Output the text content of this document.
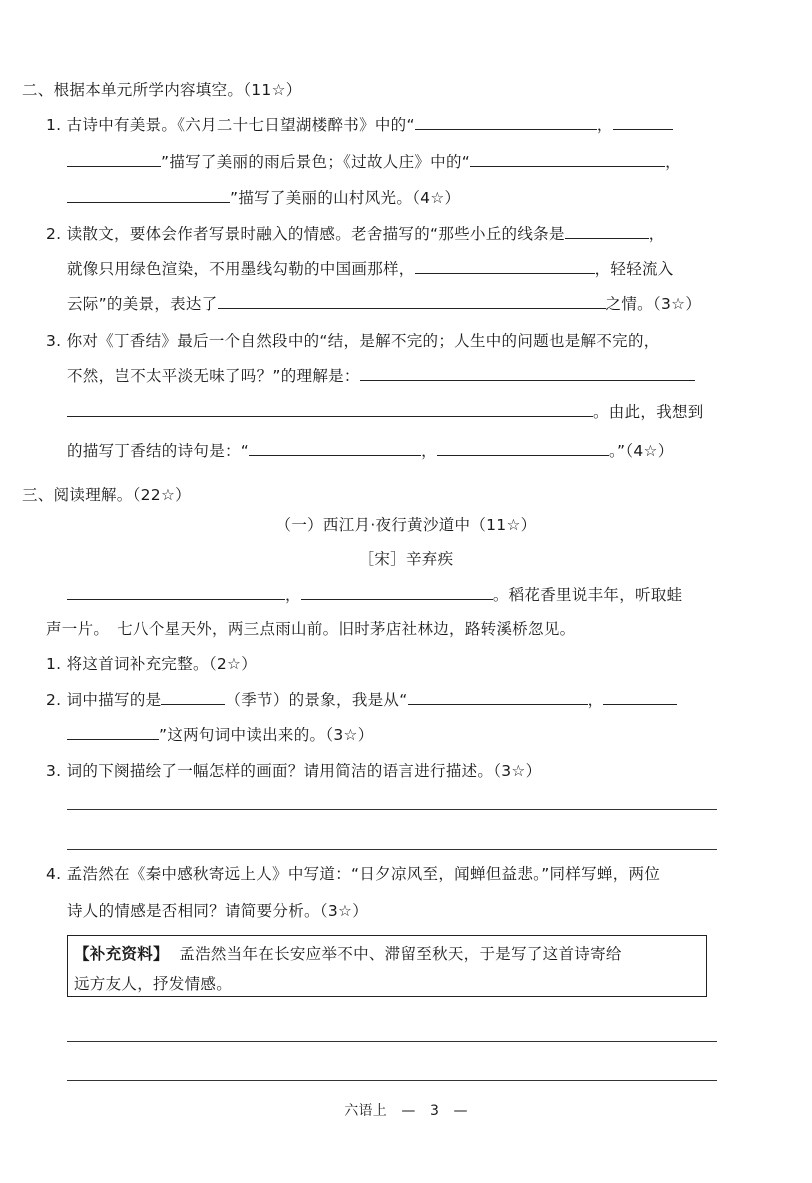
二、根据本单元所学内容填空。（11☆）
1. 古诗中有美景。《六月二十七日望湖楼醉书》中的“	，
”描写了美丽的雨后景色；《过故人庄》中的“	，
”描写了美丽的山村风光。（4☆）
2. 读散文，要体会作者写景时融入的情感。老舍描写的“那些小丘的线条是	，
就像只用绿色渲染，不用墨线勾勒的中国画那样，	，轻轻流入
云际”的美景，表达了	之情。（3☆）
3. 你对《丁香结》最后一个自然段中的“结，是解不完的；人生中的问题也是解不完的，
不然，岂不太平淡无味了吗？”的理解是：
。由此，我想到
的描写丁香结的诗句是：“	，	。”（4☆）
三、阅读理解。（22☆）
（一）西江月·夜行黄沙道中（11☆）
［宋］辛弃疾
，	。稻花香里说丰年，听取蛙
声一片。　七八个星天外，两三点雨山前。旧时茅店社林边，路转溪桥忽见。
1. 将这首词补充完整。（2☆）
2. 词中描写的是	（季节）的景象，我是从“	，
”这两句词中读出来的。（3☆）
3. 词的下阕描绘了一幅怎样的画面？请用简洁的语言进行描述。（3☆）
4. 孟浩然在《秦中感秋寄远上人》中写道：“日夕凉风至，闻蝉但益悲。”同样写蝉，两位
诗人的情感是否相同？请简要分析。（3☆）
【补充资料】 孟浩然当年在长安应举不中、滞留至秋天，于是写了这首诗寄给
远方友人，抒发情感。
六语上　—　3　—
